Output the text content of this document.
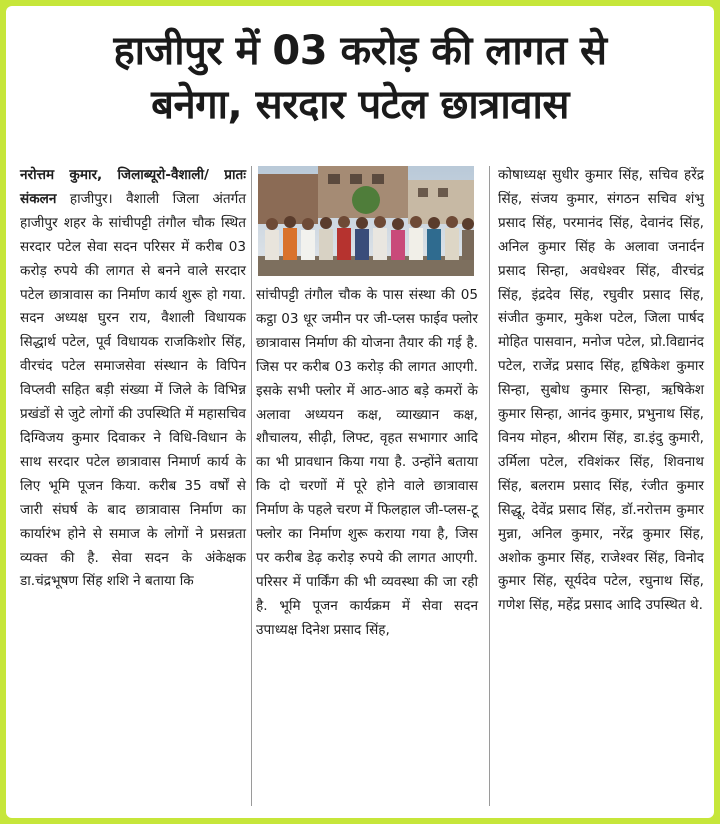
हाजीपुर में 03 करोड़ की लागत से
बनेगा, सरदार पटेल छात्रावास

नरोत्तम कुमार, जिलाब्यूरो-वैशाली/ प्रातः संकलन हाजीपुर। वैशाली जिला अंतर्गत हाजीपुर शहर के सांचीपट्टी तंगौल चौक स्थित सरदार पटेल सेवा सदन परिसर में करीब 03 करोड़ रुपये की लागत से बनने वाले सरदार पटेल छात्रावास का निर्माण कार्य शुरू हो गया. सदन अध्यक्ष घुरन राय, वैशाली विधायक सिद्धार्थ पटेल, पूर्व विधायक राजकिशोर सिंह, वीरचंद पटेल समाजसेवा संस्थान के विपिन विप्लवी सहित बड़ी संख्या में जिले के विभिन्न प्रखंडों से जुटे लोगों की उपस्थिति में महासचिव दिग्विजय कुमार दिवाकर ने विधि-विधान के साथ सरदार पटेल छात्रावास निमार्ण कार्य के लिए भूमि पूजन किया. करीब 35 वर्षों से जारी संघर्ष के बाद छात्रावास निर्माण का कार्यारंभ होने से समाज के लोगों ने प्रसन्नता व्यक्त की है. सेवा सदन के अंकेक्षक डा.चंद्रभूषण सिंह शशि ने बताया कि

सांचीपट्टी तंगौल चौक के पास संस्था की 05 कट्ठा 03 धूर जमीन पर जी-प्लस फाईव फ्लोर छात्रावास निर्माण की योजना तैयार की गई है. जिस पर करीब 03 करोड़ की लागत आएगी. इसके सभी फ्लोर में आठ-आठ बड़े कमरों के अलावा अध्ययन कक्ष, व्याख्यान कक्ष, शौचालय, सीढ़ी, लिफ्ट, वृहत सभागार आदि का भी प्रावधान किया गया है. उन्होंने बताया कि दो चरणों में पूरे होने वाले छात्रावास निर्माण के पहले चरण में फिलहाल जी-प्लस-टू फ्लोर का निर्माण शुरू कराया गया है, जिस पर करीब डेढ़ करोड़ रुपये की लागत आएगी. परिसर में पार्किंग की भी व्यवस्था की जा रही है. भूमि पूजन कार्यक्रम में सेवा सदन उपाध्यक्ष दिनेश प्रसाद सिंह,

कोषाध्यक्ष सुधीर कुमार सिंह, सचिव हरेंद्र सिंह, संजय कुमार, संगठन सचिव शंभु प्रसाद सिंह, परमानंद सिंह, देवानंद सिंह, अनिल कुमार सिंह के अलावा जनार्दन प्रसाद सिन्हा, अवधेश्वर सिंह, वीरचंद्र सिंह, इंद्रदेव सिंह, रघुवीर प्रसाद सिंह, संजीत कुमार, मुकेश पटेल, जिला पार्षद मोहित पासवान, मनोज पटेल, प्रो.विद्यानंद पटेल, राजेंद्र प्रसाद सिंह, हृषिकेश कुमार सिन्हा, सुबोध कुमार सिन्हा, ऋषिकेश कुमार सिन्हा, आनंद कुमार, प्रभुनाथ सिंह, विनय मोहन, श्रीराम सिंह, डा.इंदु कुमारी, उर्मिला पटेल, रविशंकर सिंह, शिवनाथ सिंह, बलराम प्रसाद सिंह, रंजीत कुमार सिद्धू, देवेंद्र प्रसाद सिंह, डॉ.नरोत्तम कुमार मुन्ना, अनिल कुमार, नरेंद्र कुमार सिंह, अशोक कुमार सिंह, राजेश्वर सिंह, विनोद कुमार सिंह, सूर्यदेव पटेल, रघुनाथ सिंह, गणेश सिंह, महेंद्र प्रसाद आदि उपस्थित थे.
